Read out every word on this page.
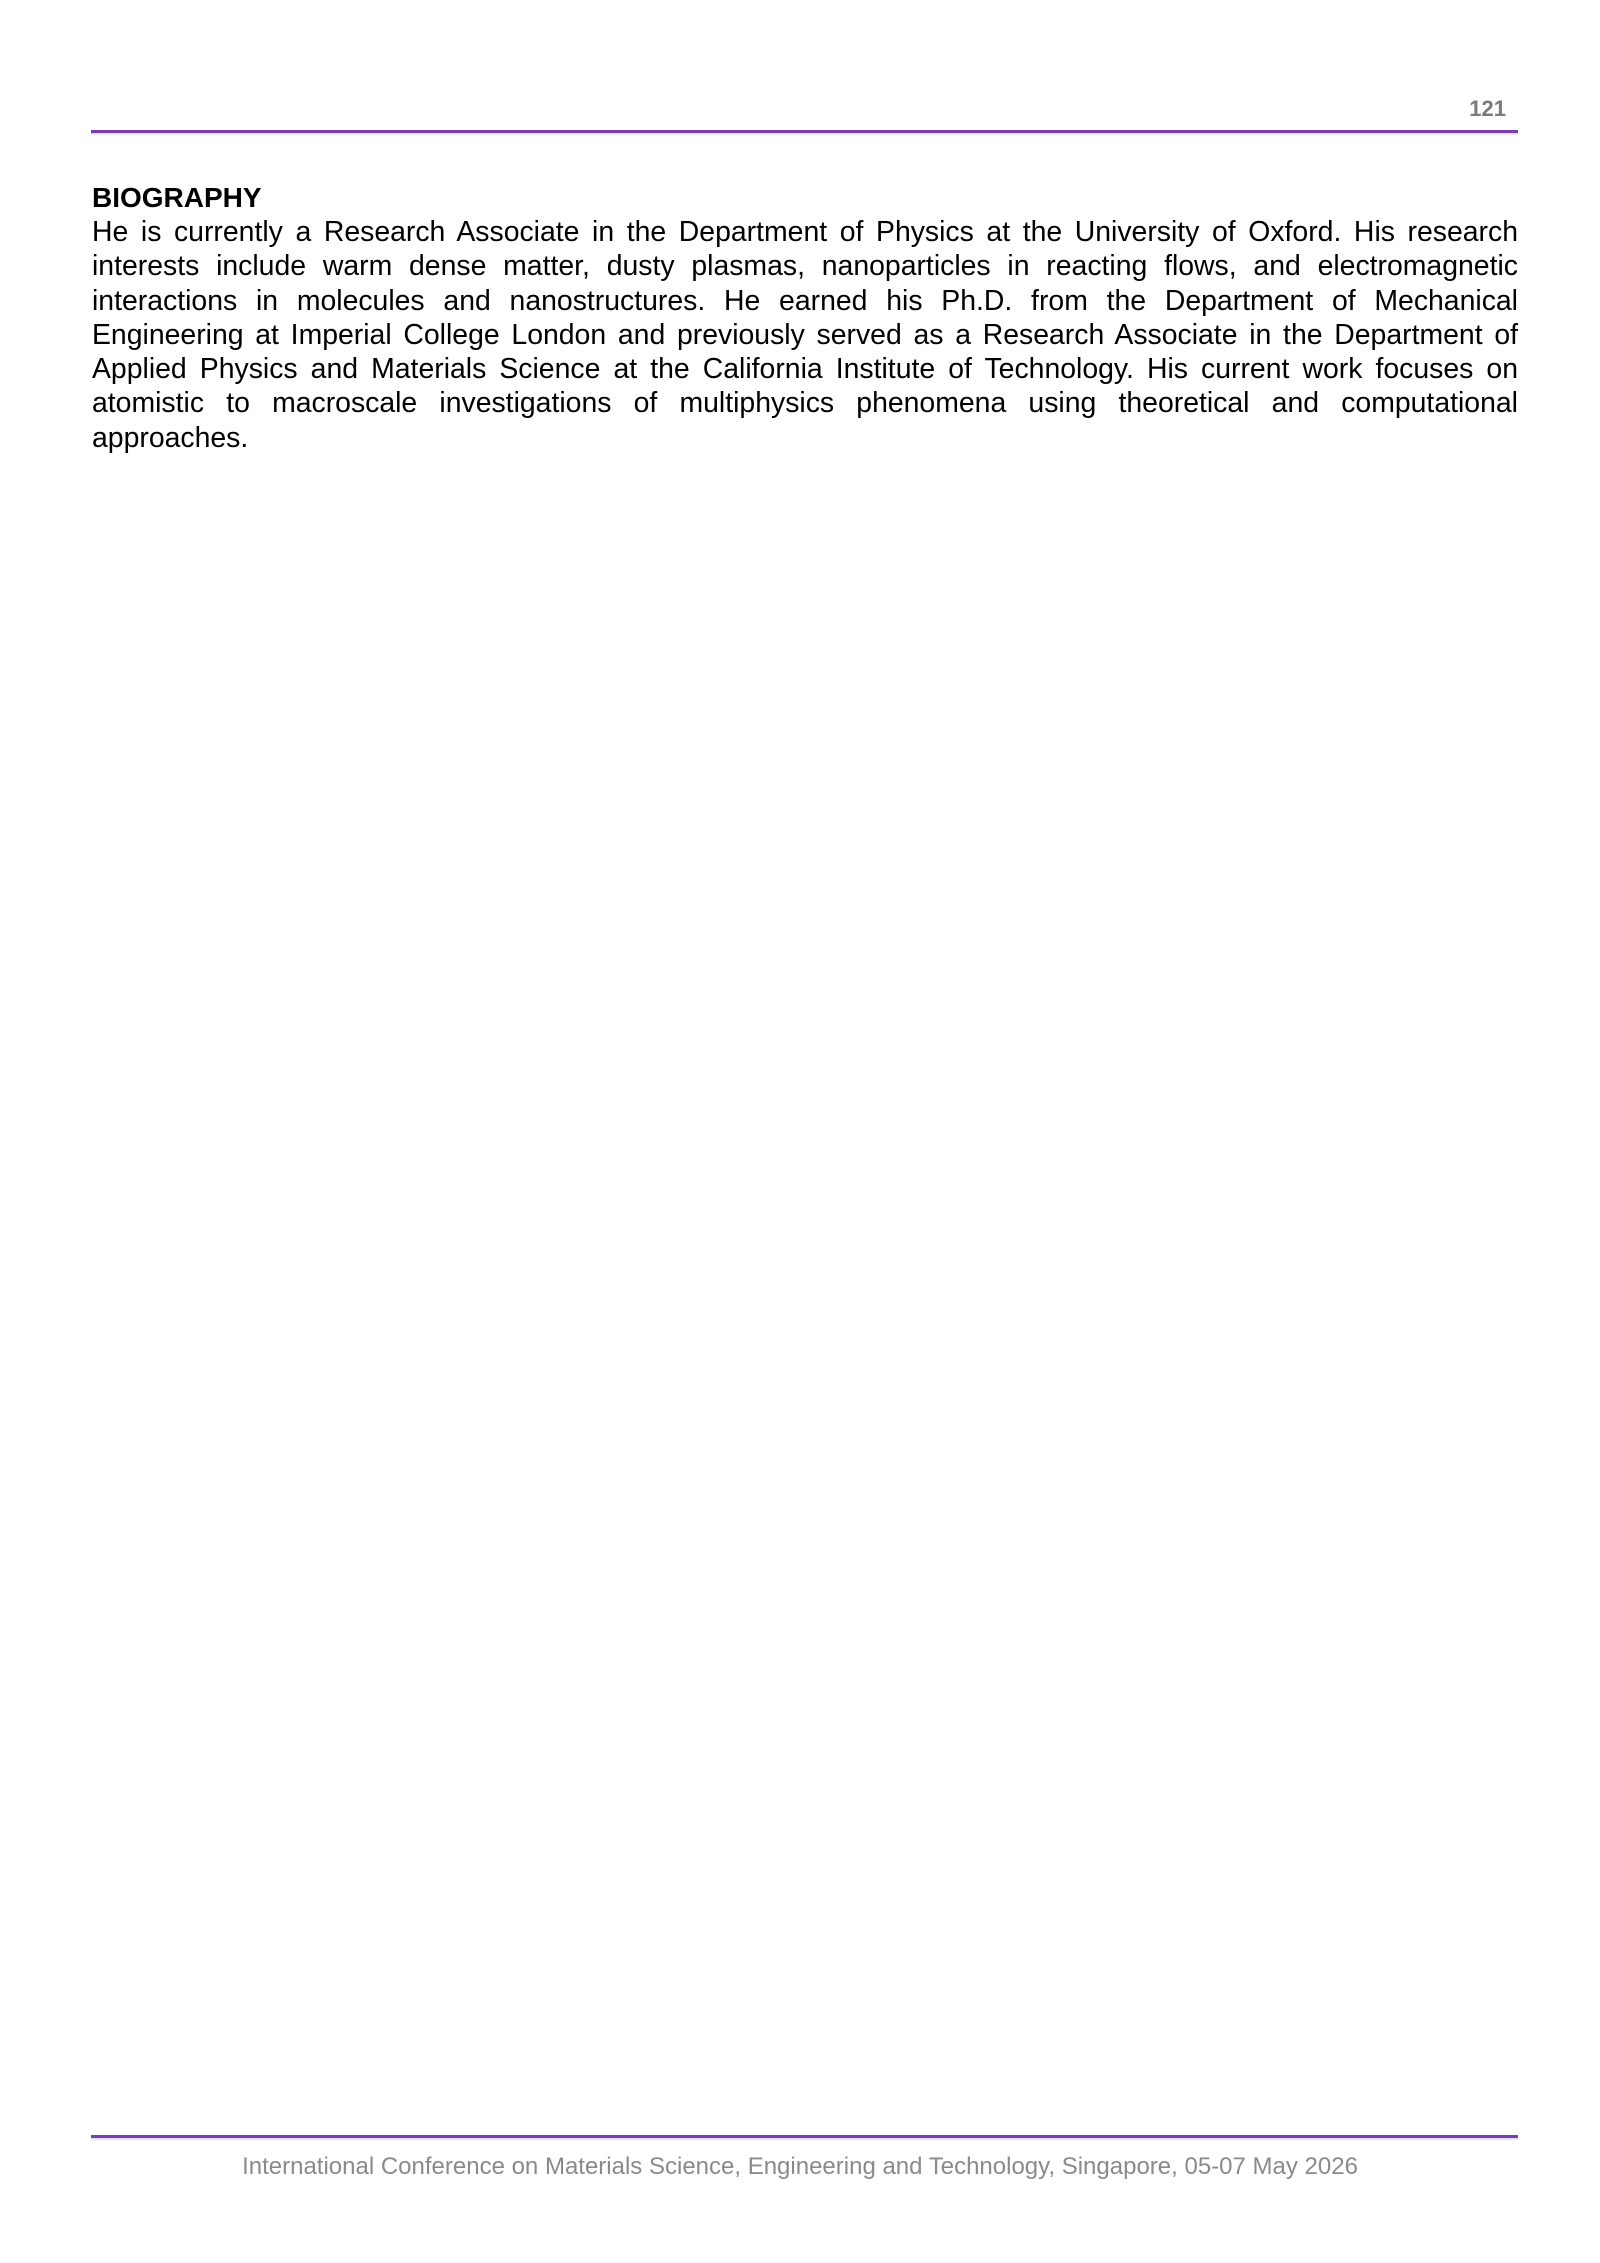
121
BIOGRAPHY

He is currently a Research Associate in the Department of Physics at the University of Oxford. His research interests include warm dense matter, dusty plasmas, nanoparticles in reacting flows, and electromagnetic interactions in molecules and nanostructures. He earned his Ph.D. from the Department of Mechanical Engineering at Imperial College London and previously served as a Research Associate in the Department of Applied Physics and Materials Science at the California Institute of Technology. His current work focuses on atomistic to macroscale investigations of multiphysics phenomena using theoretical and computational approaches.

International Conference on Materials Science, Engineering and Technology, Singapore, 05-07 May 2026
